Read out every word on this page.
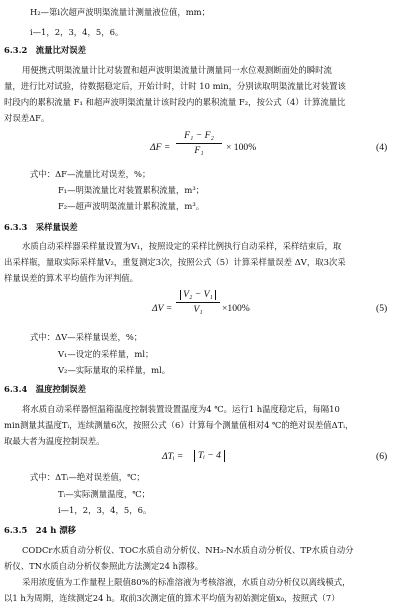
H₂—第i次超声波明渠流量计测量液位值，mm；
i—1，2，3，4，5，6。
6.3.2　流量比对误差
用便携式明渠流量计比对装置和超声波明渠流量计测量同一水位观测断面处的瞬时流
量，进行比对试验，待数据稳定后，开始计时，计时 10 min，分别读取明渠流量比对装置该
时段内的累积流量 F₁ 和超声波明渠流量计该时段内的累积流量 F₂，按公式（4）计算流量比
对误差ΔF。
ΔF =
F₁ − F₂
F₁ × 100%	(4)
式中：ΔF—流量比对误差，%；
F₁—明渠流量比对装置累积流量，m³；
F₂—超声波明渠流量计累积流量，m³。
6.3.3　采样量误差
水质自动采样器采样量设置为V₁，按照设定的采样比例执行自动采样，采样结束后，取
出采样瓶，量取实际采样量V₂，重复测定3次，按照公式（5）计算采样量误差 ΔV，取3次采
样量误差的算术平均值作为评判值。
ΔV =
V₂ − V₁
V₁ ×100%	(5)
式中：ΔV—采样量误差，%；
V₁—设定的采样量，ml；
V₂—实际量取的采样量，ml。
6.3.4　温度控制误差
将水质自动采样器恒温箱温度控制装置设置温度为4 ℃。运行1 h温度稳定后，每隔10
min测量其温度Tᵢ，连续测量6次，按照公式（6）计算每个测量值相对4 ℃的绝对误差值ΔTᵢ，
取最大者为温度控制误差。
ΔTᵢ =	Tᵢ − 4	(6)
式中：ΔTᵢ—绝对误差值，℃；
Tᵢ—实际测量温度，℃；
i—1，2，3，4，5，6。
6.3.5　24 h 漂移
CODCr水质自动分析仪、TOC水质自动分析仪、NH₃-N水质自动分析仪、TP水质自动分
析仪、TN水质自动分析仪参照此方法测定24 h漂移。
采用浓度值为工作量程上限值80%的标准溶液为考核溶液，水质自动分析仪以离线模式，
以1 h为周期，连续测定24 h。取前3次测定值的算术平均值为初始测定值x₀，按照式（7）
